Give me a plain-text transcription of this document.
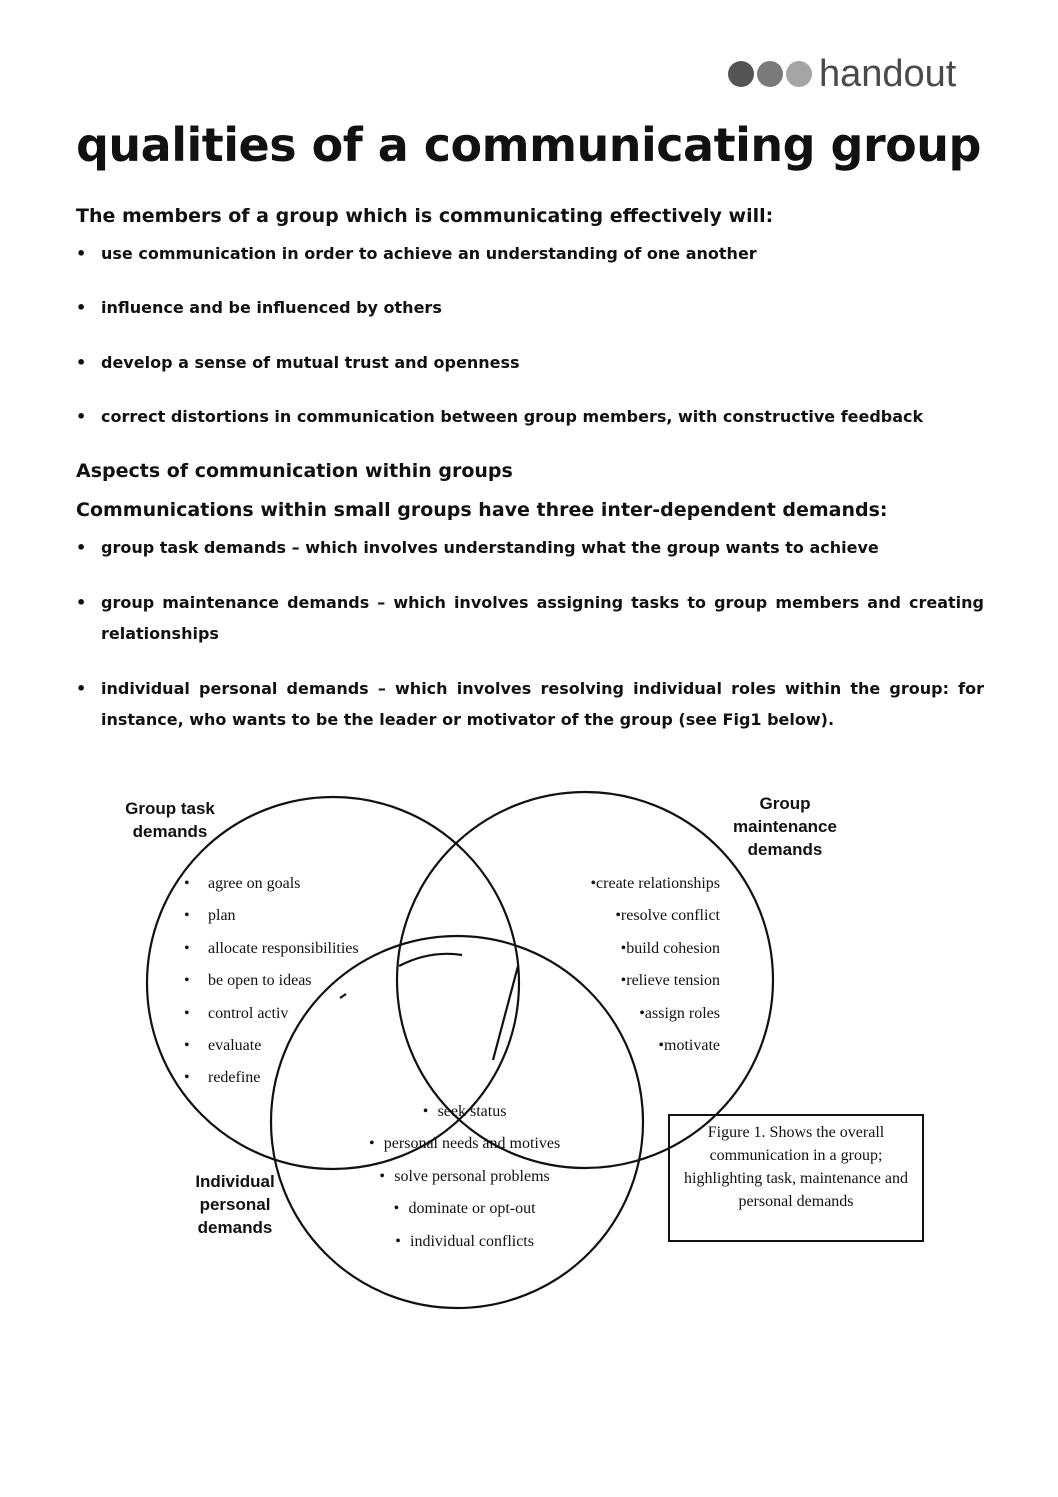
handout
qualities of a communicating group

The members of a group which is communicating effectively will:

• use communication in order to achieve an understanding of one another
• influence and be influenced by others
• develop a sense of mutual trust and openness
• correct distortions in communication between group members, with constructive feedback

Aspects of communication within groups

Communications within small groups have three inter-dependent demands:

• group task demands – which involves understanding what the group wants to achieve
• group maintenance demands – which involves assigning tasks to group members and creating relationships
• individual personal demands – which involves resolving individual roles within the group: for instance, who wants to be the leader or motivator of the group (see Fig1 below).
Group task
demands
Group
maintenance
demands
Individual
personal
demands
• agree on goals
• plan
• allocate responsibilities
• be open to ideas
• control activ
• evaluate
• redefine
•create relationships
•resolve conflict
•build cohesion
•relieve tension
•assign roles
•motivate
• seek status
• personal needs and motives
• solve personal problems
• dominate or opt-out
• individual conflicts
Figure 1. Shows the overall communication in a group; highlighting task, maintenance and personal demands
